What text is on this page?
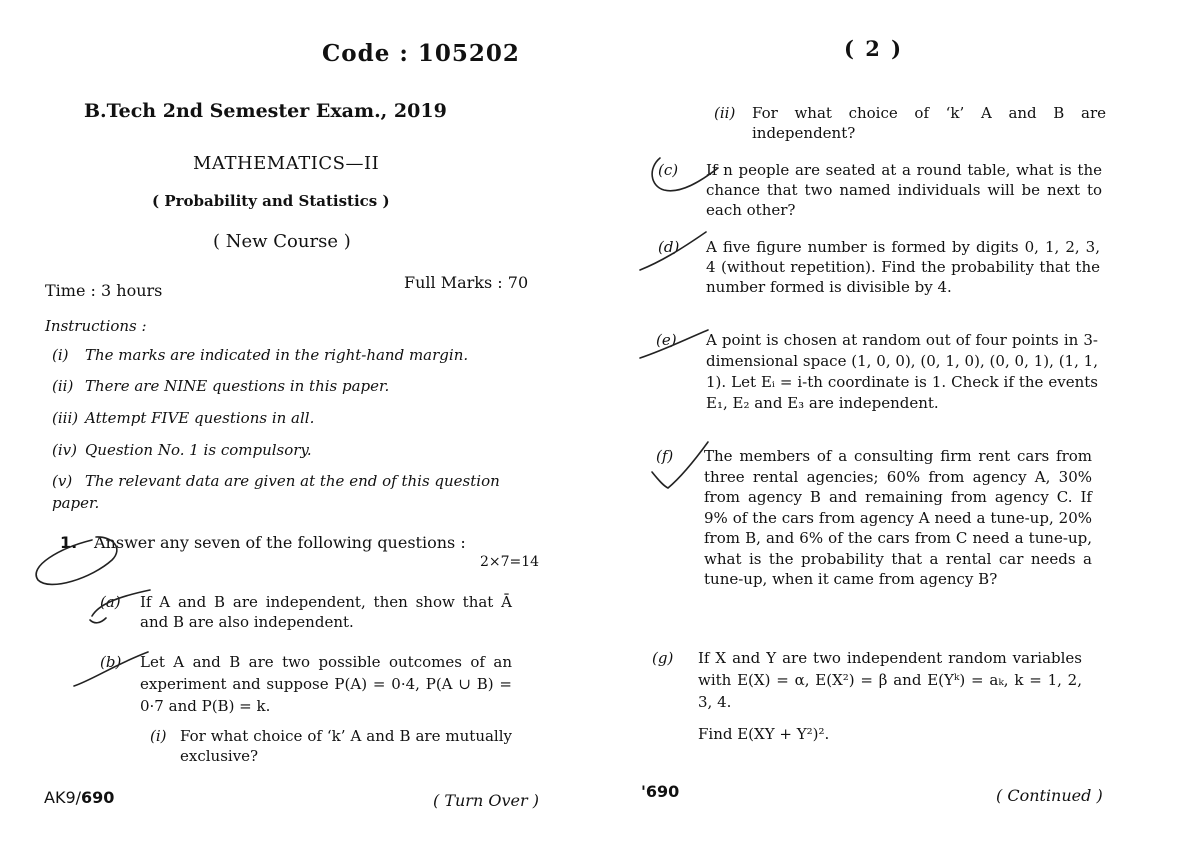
Code : 105202
B.Tech 2nd Semester Exam., 2019
MATHEMATICS—II
( Probability and Statistics )
( New Course )
Time : 3 hours	Full Marks : 70
Instructions :
(i) The marks are indicated in the right-hand margin.
(ii) There are NINE questions in this paper.
(iii) Attempt FIVE questions in all.
(iv) Question No. 1 is compulsory.
(v) The relevant data are given at the end of this question paper.
1. Answer any seven of the following questions :
2×7=14
(a) If A and B are independent, then show that Ā and B are also independent.
(b) Let A and B are two possible outcomes of an experiment and suppose P(A) = 0·4, P(A ∪ B) = 0·7 and P(B) = k.
(i) For what choice of ‘k’ A and B are mutually exclusive?
AK9/690	( Turn Over )
( 2 )
(ii) For what choice of ‘k’ A and B are independent?
(c) If n people are seated at a round table, what is the chance that two named individuals will be next to each other?
(d) A five figure number is formed by digits 0, 1, 2, 3, 4 (without repetition). Find the probability that the number formed is divisible by 4.
(e) A point is chosen at random out of four points in 3-dimensional space (1, 0, 0), (0, 1, 0), (0, 0, 1), (1, 1, 1). Let Eᵢ = i-th coordinate is 1. Check if the events E₁, E₂ and E₃ are independent.
(f) The members of a consulting firm rent cars from three rental agencies; 60% from agency A, 30% from agency B and remaining from agency C. If 9% of the cars from agency A need a tune-up, 20% from B, and 6% of the cars from C need a tune-up, what is the probability that a rental car needs a tune-up, when it came from agency B?
(g) If X and Y are two independent random variables with E(X) = α, E(X²) = β and E(Yᵏ) = aₖ, k = 1, 2, 3, 4.
Find E(XY + Y²)².
'690	( Continued )
